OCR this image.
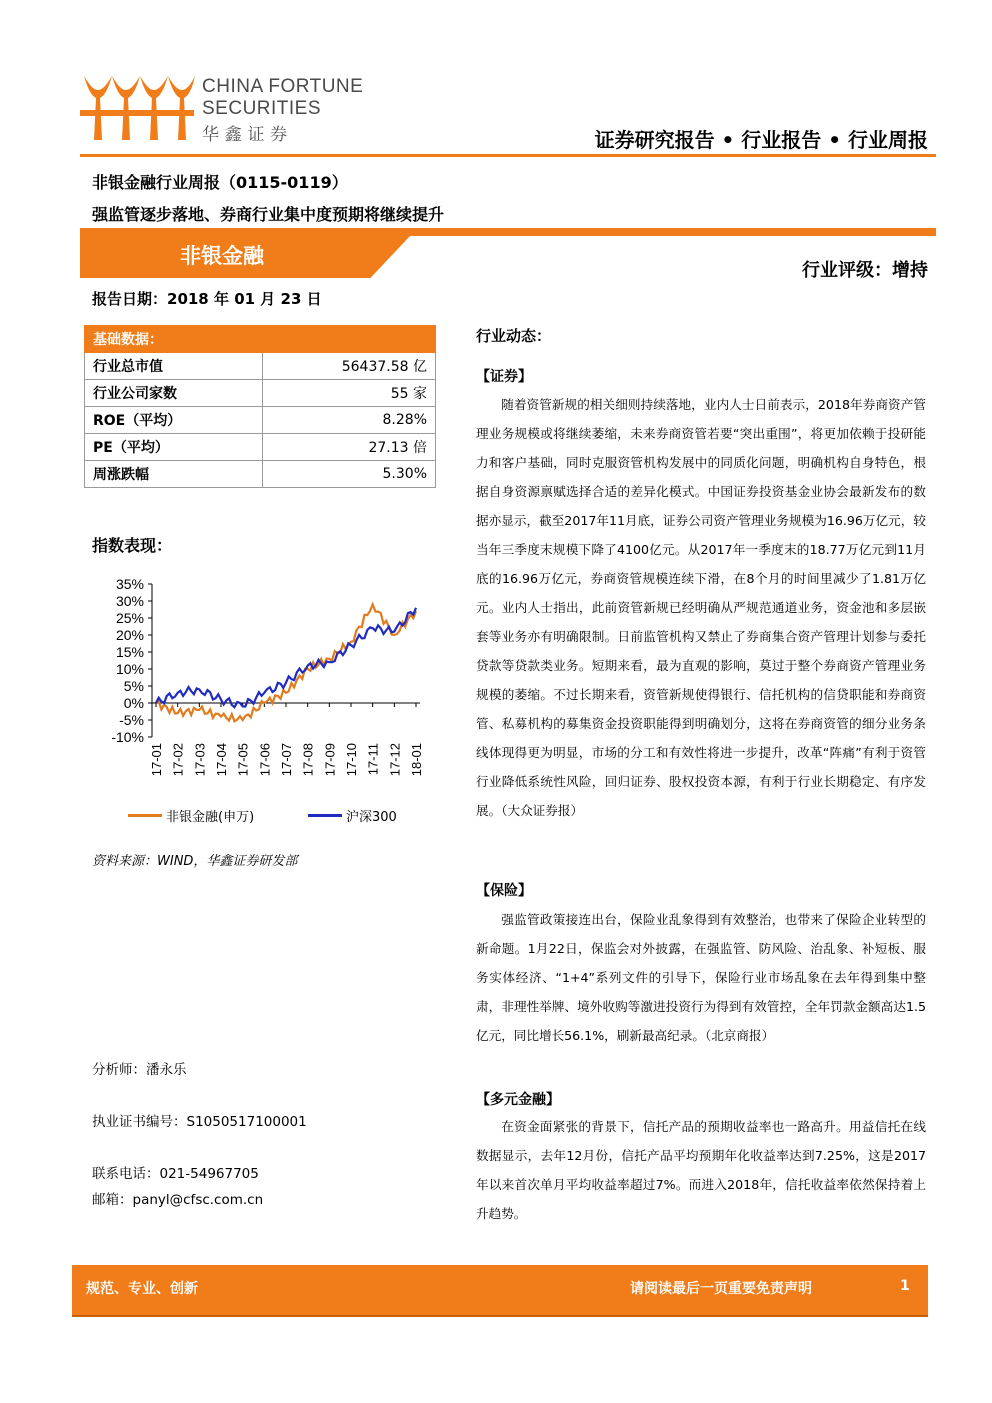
CHINA FORTUNE
SECURITIES
华 鑫 证 券	证券研究报告 • 行业报告 • 行业周报
非银金融行业周报（0115-0119）
强监管逐步落地、券商行业集中度预期将继续提升
非银金融
行业评级：增持
报告日期：2018 年 01 月 23 日
基础数据：	
行业总市值	56437.58 亿
行业公司家数	55 家
ROE（平均）	8.28%
PE（平均）	27.13 倍
周涨跌幅	5.30%
指数表现：
35%
30%
25%
20%
15%
10%
5%
0%
-5%
-10%
17-01 17-02 17-03 17-04 17-05 17-06 17-07 17-08 17-09 17-10 17-11 17-12 18-01
非银金融(申万)	沪深300
资料来源：WIND，华鑫证券研发部
分析师：潘永乐
执业证书编号：S1050517100001
联系电话：021-54967705
邮箱：panyl@cfsc.com.cn
行业动态：
【证券】

随着资管新规的相关细则持续落地，业内人士日前表示，2018年券商资产管理业务规模或将继续萎缩，未来券商资管若要“突出重围”，将更加依赖于投研能力和客户基础，同时克服资管机构发展中的同质化问题，明确机构自身特色，根据自身资源禀赋选择合适的差异化模式。中国证券投资基金业协会最新发布的数据亦显示，截至2017年11月底，证券公司资产管理业务规模为16.96万亿元，较当年三季度末规模下降了4100亿元。从2017年一季度末的18.77万亿元到11月底的16.96万亿元，券商资管规模连续下滑，在8个月的时间里减少了1.81万亿元。业内人士指出，此前资管新规已经明确从严规范通道业务，资金池和多层嵌套等业务亦有明确限制。日前监管机构又禁止了券商集合资产管理计划参与委托贷款等贷款类业务。短期来看，最为直观的影响，莫过于整个券商资产管理业务规模的萎缩。不过长期来看，资管新规使得银行、信托机构的信贷职能和券商资管、私募机构的募集资金投资职能得到明确划分，这将在券商资管的细分业务条线体现得更为明显，市场的分工和有效性将进一步提升，改革“阵痛”有利于资管行业降低系统性风险，回归证券、股权投资本源，有利于行业长期稳定、有序发展。（大众证券报）

【保险】

强监管政策接连出台，保险业乱象得到有效整治，也带来了保险企业转型的新命题。1月22日，保监会对外披露，在强监管、防风险、治乱象、补短板、服务实体经济、“1+4”系列文件的引导下，保险行业市场乱象在去年得到集中整肃，非理性举牌、境外收购等激进投资行为得到有效管控，全年罚款金额高达1.5亿元，同比增长56.1%，刷新最高纪录。（北京商报）

【多元金融】

在资金面紧张的背景下，信托产品的预期收益率也一路高升。用益信托在线数据显示，去年12月份，信托产品平均预期年化收益率达到7.25%，这是2017年以来首次单月平均收益率超过7%。而进入2018年，信托收益率依然保持着上升趋势。

规范、专业、创新	请阅读最后一页重要免责声明	1
